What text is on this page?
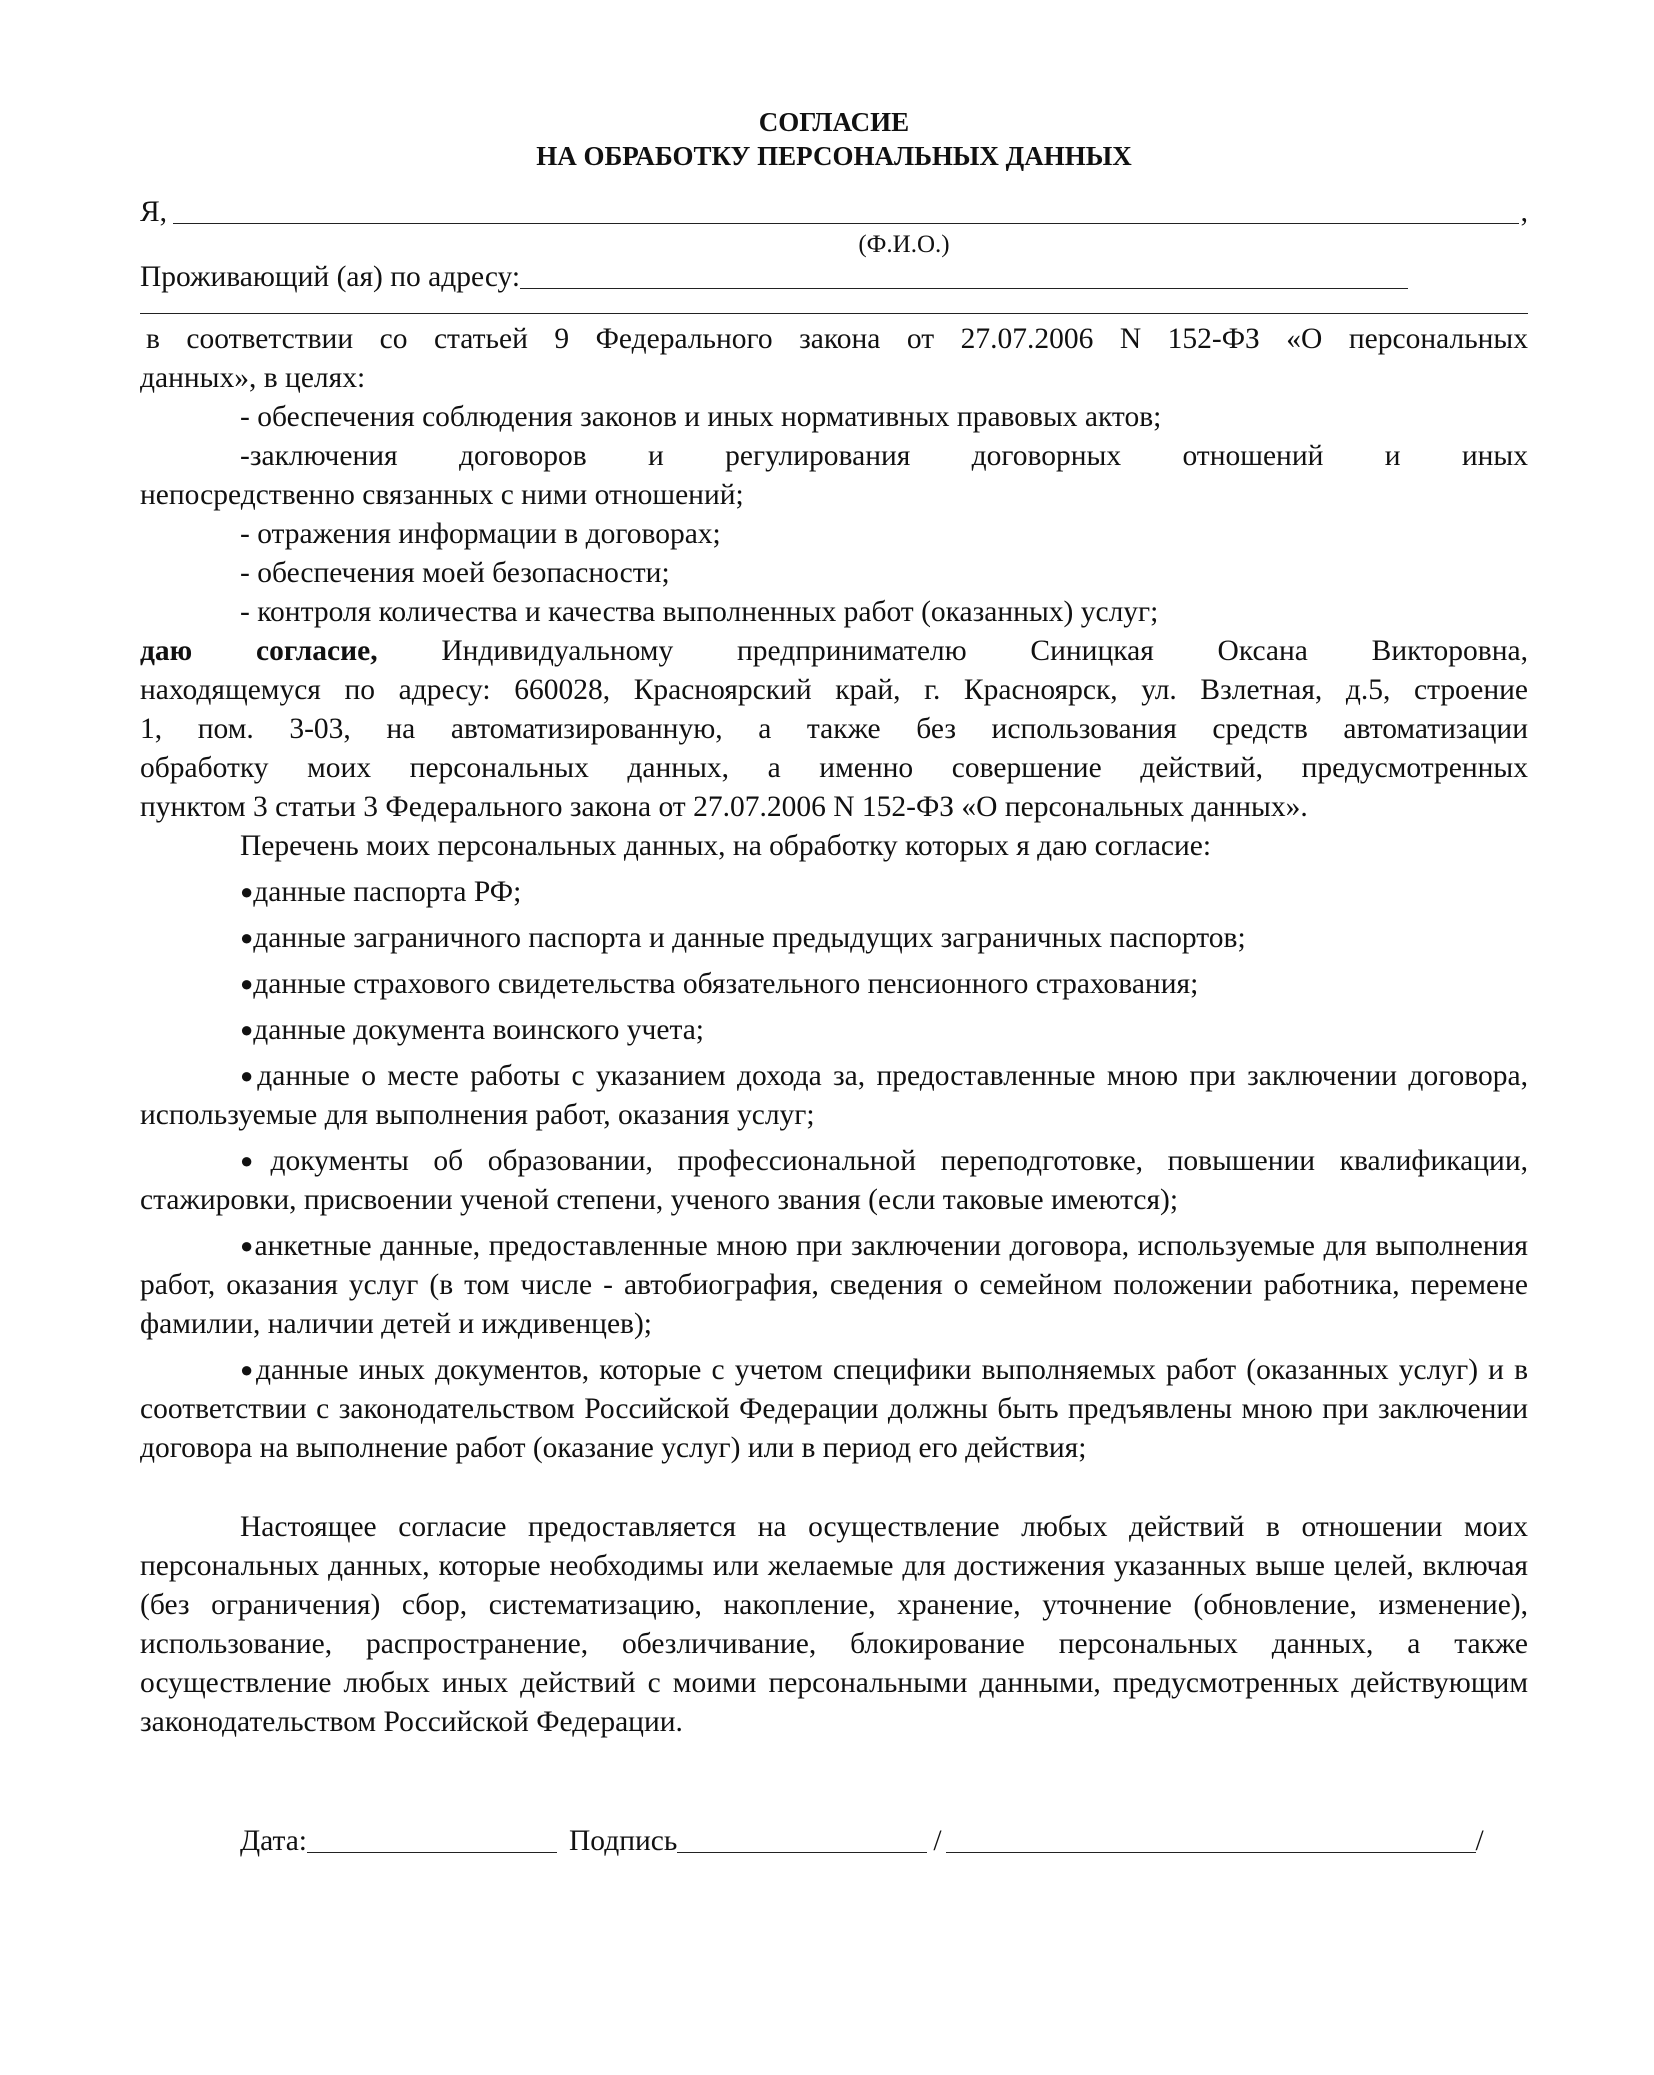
СОГЛАСИЕ
НА ОБРАБОТКУ ПЕРСОНАЛЬНЫХ ДАННЫХ
Я,	,
(Ф.И.О.)
Проживающий (ая) по адресу:
в соответствии со статьей 9 Федерального закона от 27.07.2006 N 152-ФЗ «О персональных
данных», в целях:
- обеспечения соблюдения законов и иных нормативных правовых актов;
-заключения договоров и регулирования договорных отношений и иных
непосредственно связанных с ними отношений;
- отражения информации в договорах;
- обеспечения моей безопасности;
- контроля количества и качества выполненных работ (оказанных) услуг;
даю согласие, Индивидуальному предпринимателю Синицкая Оксана Викторовна,
находящемуся по адресу: 660028, Красноярский край, г. Красноярск, ул. Взлетная, д.5, строение
1, пом. 3-03, на автоматизированную, а также без использования средств автоматизации
обработку моих персональных данных, а именно совершение действий, предусмотренных
пунктом 3 статьи 3 Федерального закона от 27.07.2006 N 152-ФЗ «О персональных данных».
Перечень моих персональных данных, на обработку которых я даю согласие:
●данные паспорта РФ;
●данные заграничного паспорта и данные предыдущих заграничных паспортов;
●данные страхового свидетельства обязательного пенсионного страхования;
●данные документа воинского учета;
●данные о месте работы с указанием дохода за, предоставленные мною при заключении договора, используемые для выполнения работ, оказания услуг;
●документы об образовании, профессиональной переподготовке, повышении квалификации, стажировки, присвоении ученой степени, ученого звания (если таковые имеются);
●анкетные данные, предоставленные мною при заключении договора, используемые для выполнения работ, оказания услуг (в том числе - автобиография, сведения о семейном положении работника, перемене фамилии, наличии детей и иждивенцев);
●данные иных документов, которые с учетом специфики выполняемых работ (оказанных услуг) и в соответствии с законодательством Российской Федерации должны быть предъявлены мною при заключении договора на выполнение работ (оказание услуг) или в период его действия;
Настоящее согласие предоставляется на осуществление любых действий в отношении моих персональных данных, которые необходимы или желаемые для достижения указанных выше целей, включая (без ограничения) сбор, систематизацию, накопление, хранение, уточнение (обновление, изменение), использование, распространение, обезличивание, блокирование персональных данных, а также осуществление любых иных действий с моими персональными данными, предусмотренных действующим законодательством Российской Федерации.
Дата:	Подпись	/	/
